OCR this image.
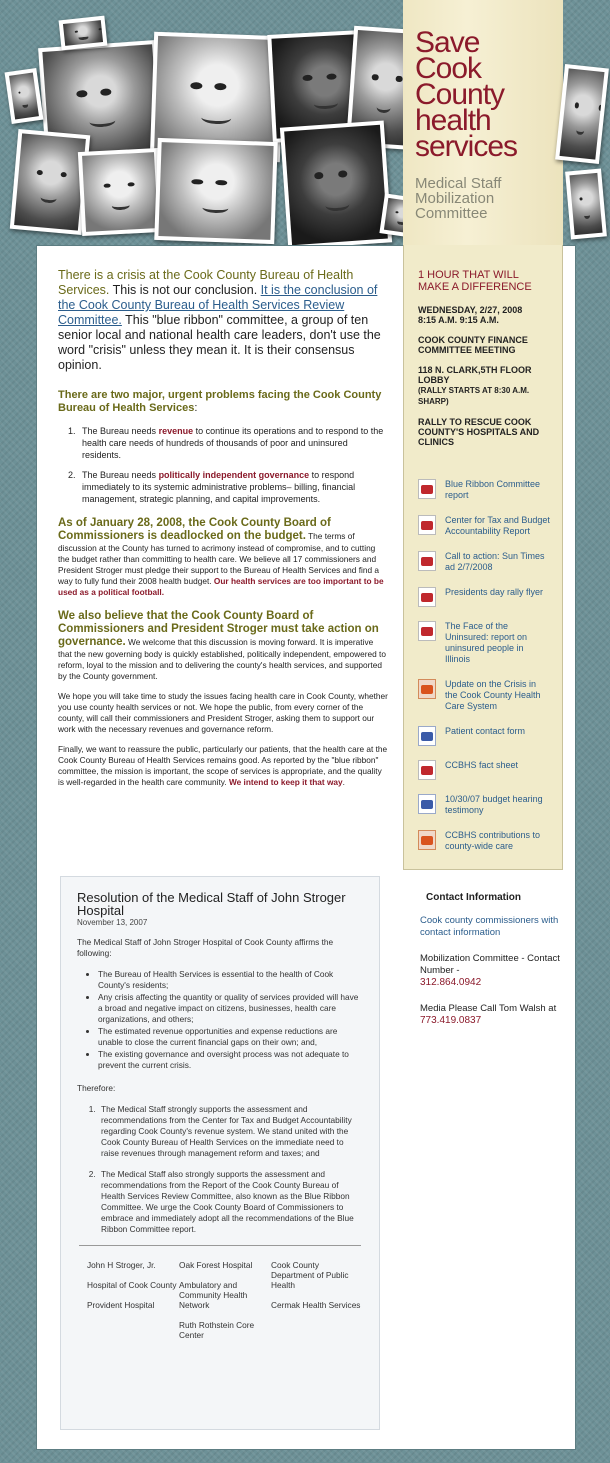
Save
Cook
County
health
services
Medical Staff
Mobilization
Committee
1 HOUR THAT WILL MAKE A DIFFERENCE
WEDNESDAY, 2/27, 2008
8:15 A.M. 9:15 A.M.
COOK COUNTY FINANCE COMMITTEE MEETING
118 N. CLARK,5TH FLOOR LOBBY
(RALLY STARTS AT 8:30 A.M. SHARP)
RALLY TO RESCUE COOK COUNTY'S HOSPITALS AND CLINICS
Blue Ribbon Committee report
Center for Tax and Budget Accountability Report
Call to action: Sun Times ad 2/7/2008
Presidents day rally flyer
The Face of the Uninsured: report on uninsured people in Illinois
Update on the Crisis in the Cook County Health Care System
Patient contact form
CCBHS fact sheet
10/30/07 budget hearing testimony
CCBHS contributions to county-wide care

There is a crisis at the Cook County Bureau of Health Services. This is not our conclusion. It is the conclusion of the Cook County Bureau of Health Services Review Committee. This "blue ribbon" committee, a group of ten senior local and national health care leaders, don't use the word "crisis" unless they mean it. It is their consensus opinion.

There are two major, urgent problems facing the Cook County Bureau of Health Services:

1. The Bureau needs revenue to continue its operations and to respond to the health care needs of hundreds of thousands of poor and uninsured residents.
2. The Bureau needs politically independent governance to respond immediately to its systemic administrative problems– billing, financial management, strategic planning, and capital improvements.

As of January 28, 2008, the Cook County Board of Commissioners is deadlocked on the budget. The terms of discussion at the County has turned to acrimony instead of compromise, and to cutting the budget rather than committing to health care. We believe all 17 commissioners and President Stroger must pledge their support to the Bureau of Health Services and find a way to fully fund their 2008 health budget. Our health services are too important to be used as a political football.

We also believe that the Cook County Board of Commissioners and President Stroger must take action on governance. We welcome that this discussion is moving forward. It is imperative that the new governing body is quickly established, politically independent, empowered to reform, loyal to the mission and to delivering the county's health services, and supported by the County government.

We hope you will take time to study the issues facing health care in Cook County, whether you use county health services or not. We hope the public, from every corner of the county, will call their commissioners and President Stroger, asking them to support our work with the necessary revenues and governance reform.

Finally, we want to reassure the public, particularly our patients, that the health care at the Cook County Bureau of Health Services remains good. As reported by the "blue ribbon" committee, the mission is important, the scope of services is appropriate, and the quality is well-regarded in the health care community. We intend to keep it that way.

Resolution of the Medical Staff of John Stroger Hospital
November 13, 2007

The Medical Staff of John Stroger Hospital of Cook County affirms the following:

• The Bureau of Health Services is essential to the health of Cook County's residents;
• Any crisis affecting the quantity or quality of services provided will have a broad and negative impact on citizens, businesses, health care organizations, and others;
• The estimated revenue opportunities and expense reductions are unable to close the current financial gaps on their own; and,
• The existing governance and oversight process was not adequate to prevent the current crisis.

Therefore:

1. The Medical Staff strongly supports the assessment and recommendations from the Center for Tax and Budget Accountability regarding Cook County's revenue system. We stand united with the Cook County Bureau of Health Services on the immediate need to raise revenues through management reform and taxes; and
2. The Medical Staff also strongly supports the assessment and recommendations from the Report of the Cook County Bureau of Health Services Review Committee, also known as the Blue Ribbon Committee. We urge the Cook County Board of Commissioners to embrace and immediately adopt all the recommendations of the Blue Ribbon Committee report.
John H Stroger, Jr.
Hospital of Cook County
Provident Hospital
Oak Forest Hospital
Ambulatory and Community Health Network
Ruth Rothstein Core Center
Cook County Department of Public Health
Cermak Health Services
Contact Information
Cook county commissioners with contact information

Mobilization Committee - Contact Number -
312.864.0942

Media Please Call Tom Walsh at 773.419.0837
